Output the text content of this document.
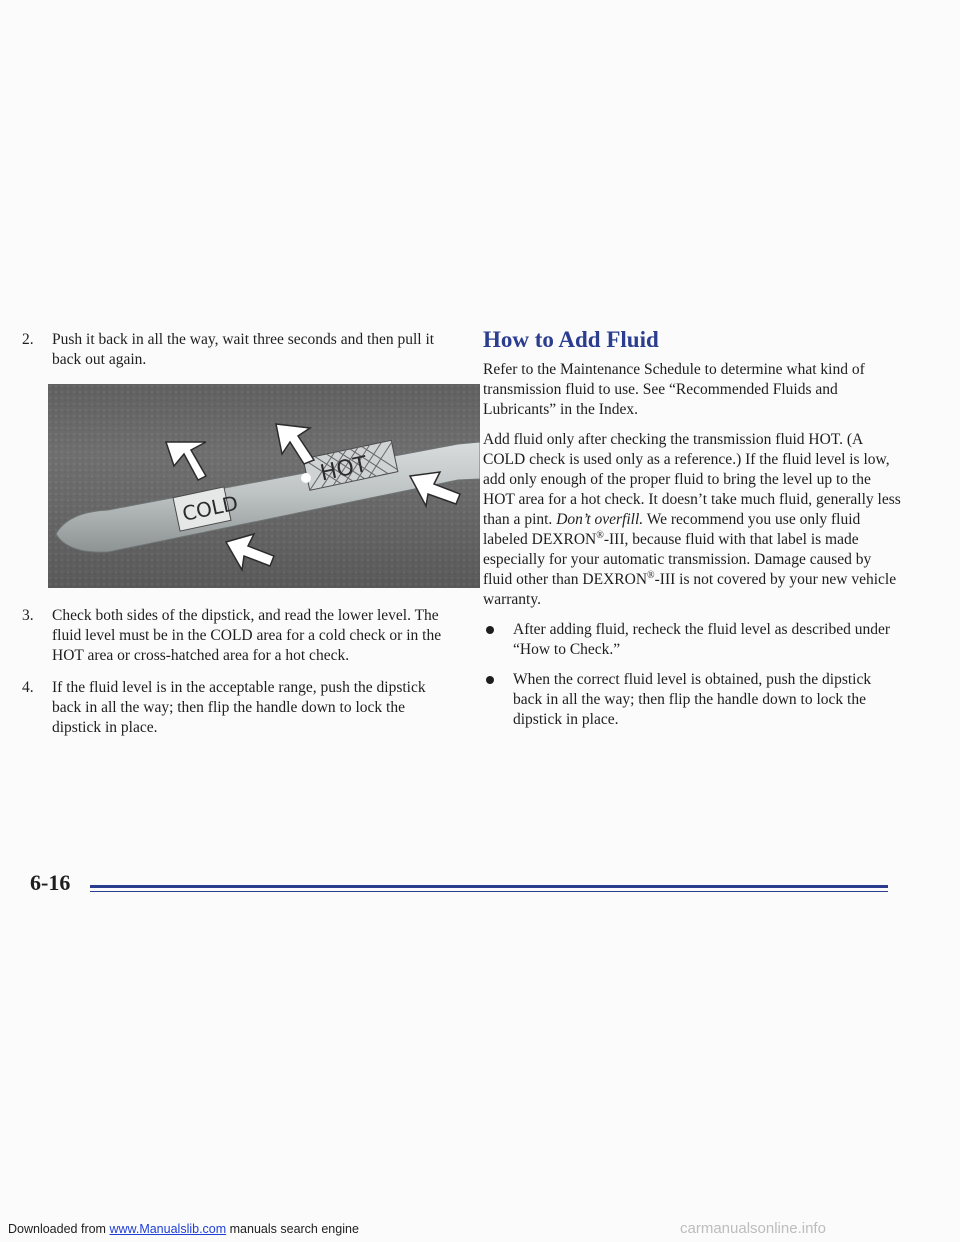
2. Push it back in all the way, wait three seconds and then pull it back out again.
COLD
HOT
3. Check both sides of the dipstick, and read the lower level. The fluid level must be in the COLD area for a cold check or in the HOT area or cross-hatched area for a hot check.
4. If the fluid level is in the acceptable range, push the dipstick back in all the way; then flip the handle down to lock the dipstick in place.
How to Add Fluid

Refer to the Maintenance Schedule to determine what kind of transmission fluid to use. See “Recommended Fluids and Lubricants” in the Index.

Add fluid only after checking the transmission fluid HOT. (A COLD check is used only as a reference.) If the fluid level is low, add only enough of the proper fluid to bring the level up to the HOT area for a hot check. It doesn’t take much fluid, generally less than a pint. Don’t overfill. We recommend you use only fluid labeled DEXRON®-III, because fluid with that label is made especially for your automatic transmission. Damage caused by fluid other than DEXRON®-III is not covered by your new vehicle warranty.

After adding fluid, recheck the fluid level as described under “How to Check.”
When the correct fluid level is obtained, push the dipstick back in all the way; then flip the handle down to lock the dipstick in place.
6-16
Downloaded from www.Manualslib.com manuals search engine	carmanualsonline.info
